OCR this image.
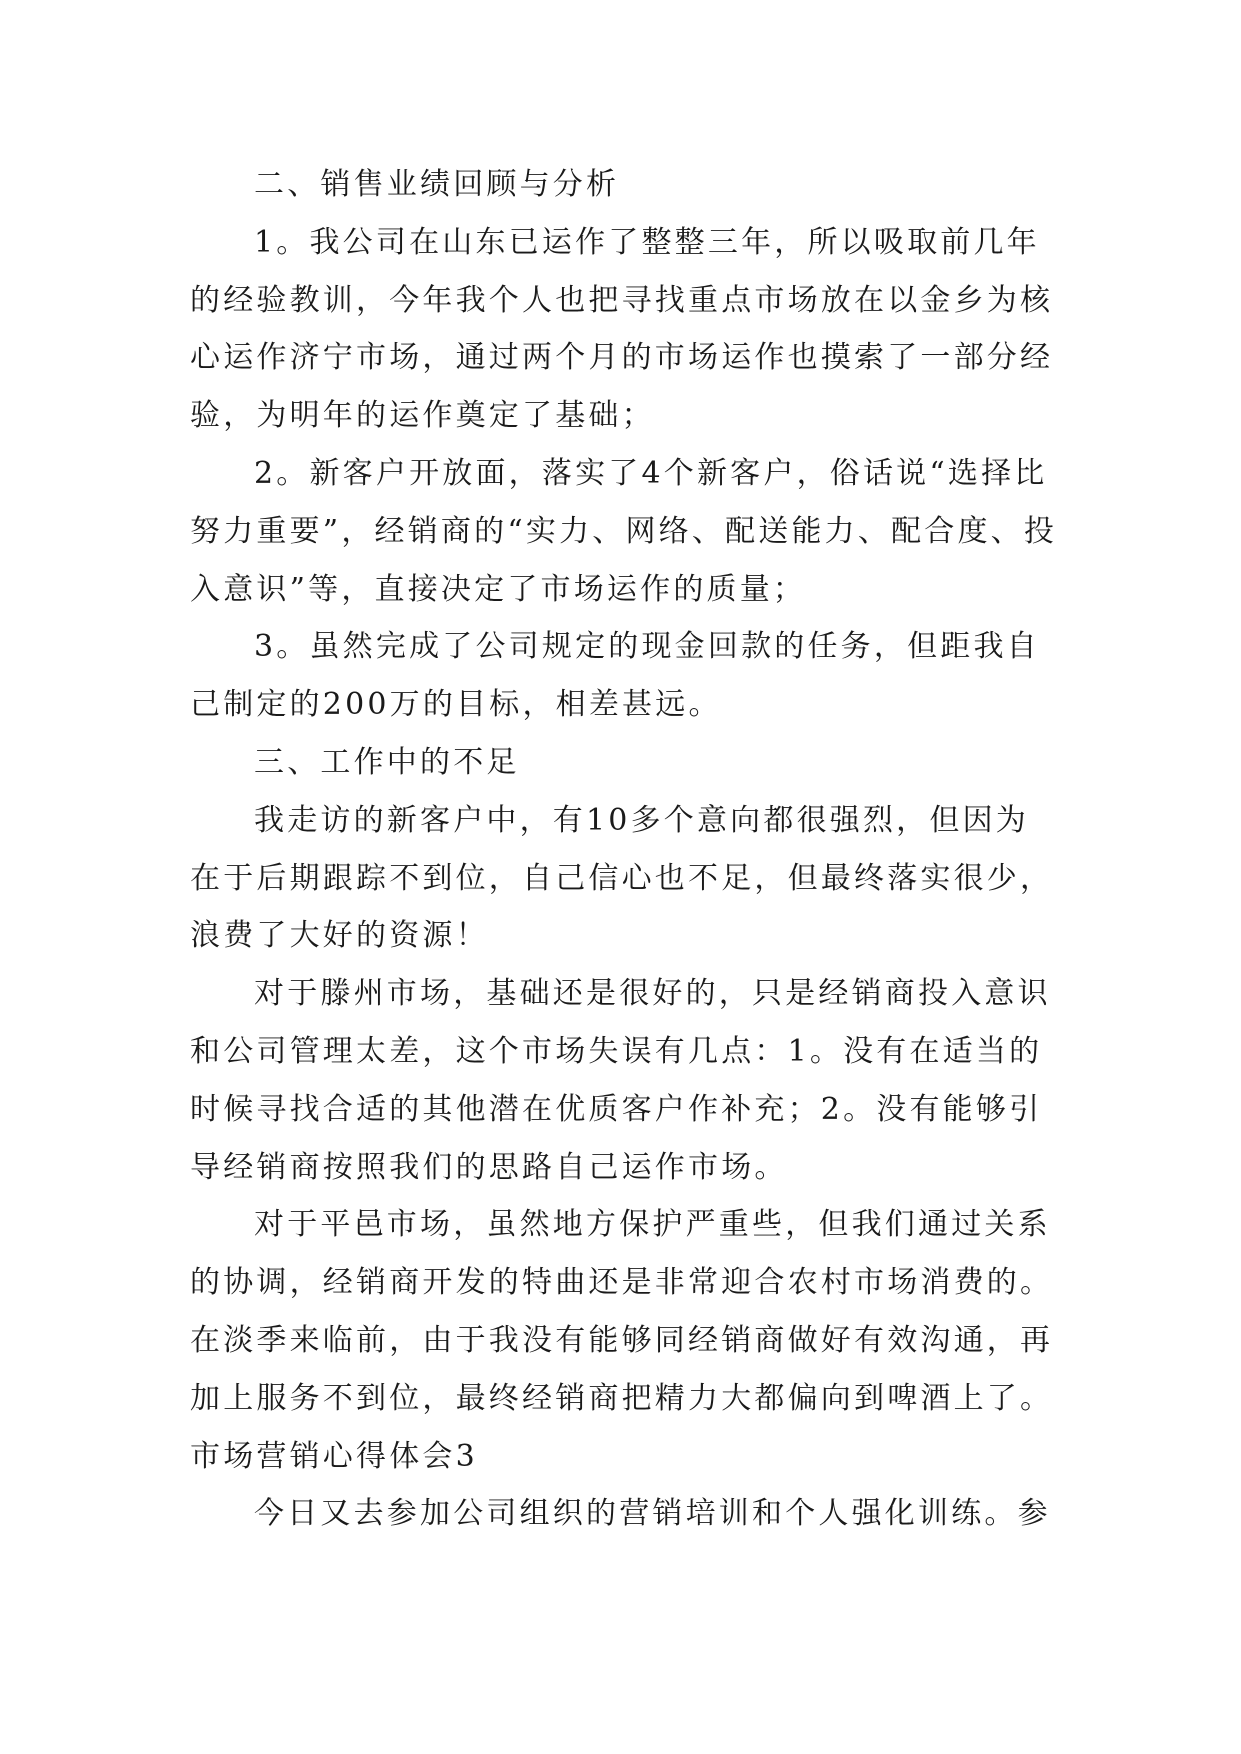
二、销售业绩回顾与分析

1。我公司在山东已运作了整整三年，所以吸取前几年的经验教训，今年我个人也把寻找重点市场放在以金乡为核心运作济宁市场，通过两个月的市场运作也摸索了一部分经验，为明年的运作奠定了基础；

2。新客户开放面，落实了4个新客户，俗话说“选择比努力重要”，经销商的“实力、网络、配送能力、配合度、投入意识”等，直接决定了市场运作的质量；

3。虽然完成了公司规定的现金回款的任务，但距我自己制定的200万的目标，相差甚远。

三、工作中的不足

我走访的新客户中，有10多个意向都很强烈，但因为在于后期跟踪不到位，自己信心也不足，但最终落实很少，浪费了大好的资源！

对于滕州市场，基础还是很好的，只是经销商投入意识和公司管理太差，这个市场失误有几点：1。没有在适当的时候寻找合适的其他潜在优质客户作补充；2。没有能够引导经销商按照我们的思路自己运作市场。

对于平邑市场，虽然地方保护严重些，但我们通过关系的协调，经销商开发的特曲还是非常迎合农村市场消费的。在淡季来临前，由于我没有能够同经销商做好有效沟通，再加上服务不到位，最终经销商把精力大都偏向到啤酒上了。

市场营销心得体会3

今日又去参加公司组织的营销培训和个人强化训练。参
